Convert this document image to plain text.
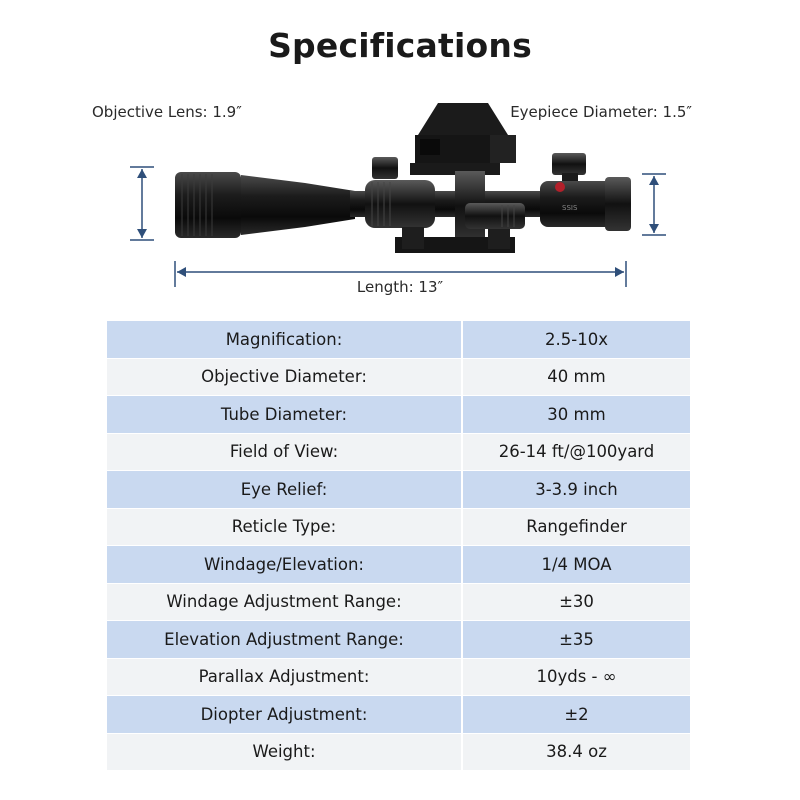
Specifications
Objective Lens: 1.9″	Eyepiece Diameter: 1.5″
Length: 13″
SSIS
Magnification:	2.5-10x
Objective Diameter:	40 mm
Tube Diameter:	30 mm
Field of View:	26-14 ft/@100yard
Eye Relief:	3-3.9 inch
Reticle Type:	Rangefinder
Windage/Elevation:	1/4 MOA
Windage Adjustment Range:	±30
Elevation Adjustment Range:	±35
Parallax Adjustment:	10yds - ∞
Diopter Adjustment:	±2
Weight:	38.4 oz
